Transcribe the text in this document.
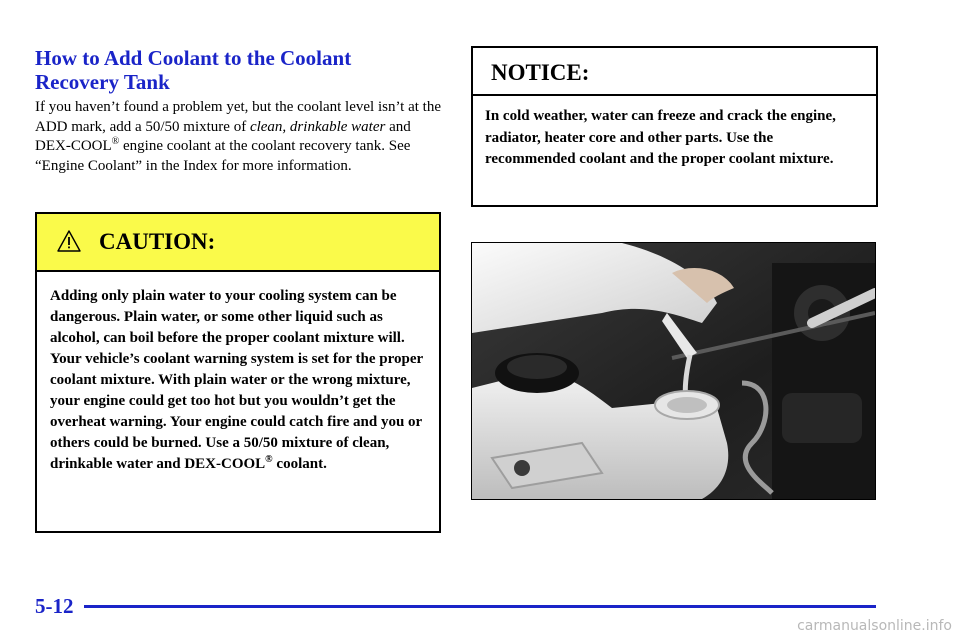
How to Add Coolant to the Coolant Recovery Tank

If you haven’t found a problem yet, but the coolant level isn’t at the ADD mark, add a 50/50 mixture of clean, drinkable water and DEX-COOL® engine coolant at the coolant recovery tank. See “Engine Coolant” in the Index for more information.

CAUTION:
Adding only plain water to your cooling system can be dangerous. Plain water, or some other liquid such as alcohol, can boil before the proper coolant mixture will. Your vehicle’s coolant warning system is set for the proper coolant mixture. With plain water or the wrong mixture, your engine could get too hot but you wouldn’t get the overheat warning. Your engine could catch fire and you or others could be burned. Use a 50/50 mixture of clean, drinkable water and DEX-COOL® coolant.
NOTICE:
In cold weather, water can freeze and crack the engine, radiator, heater core and other parts. Use the recommended coolant and the proper coolant mixture.
5-12
carmanualsonline.info
